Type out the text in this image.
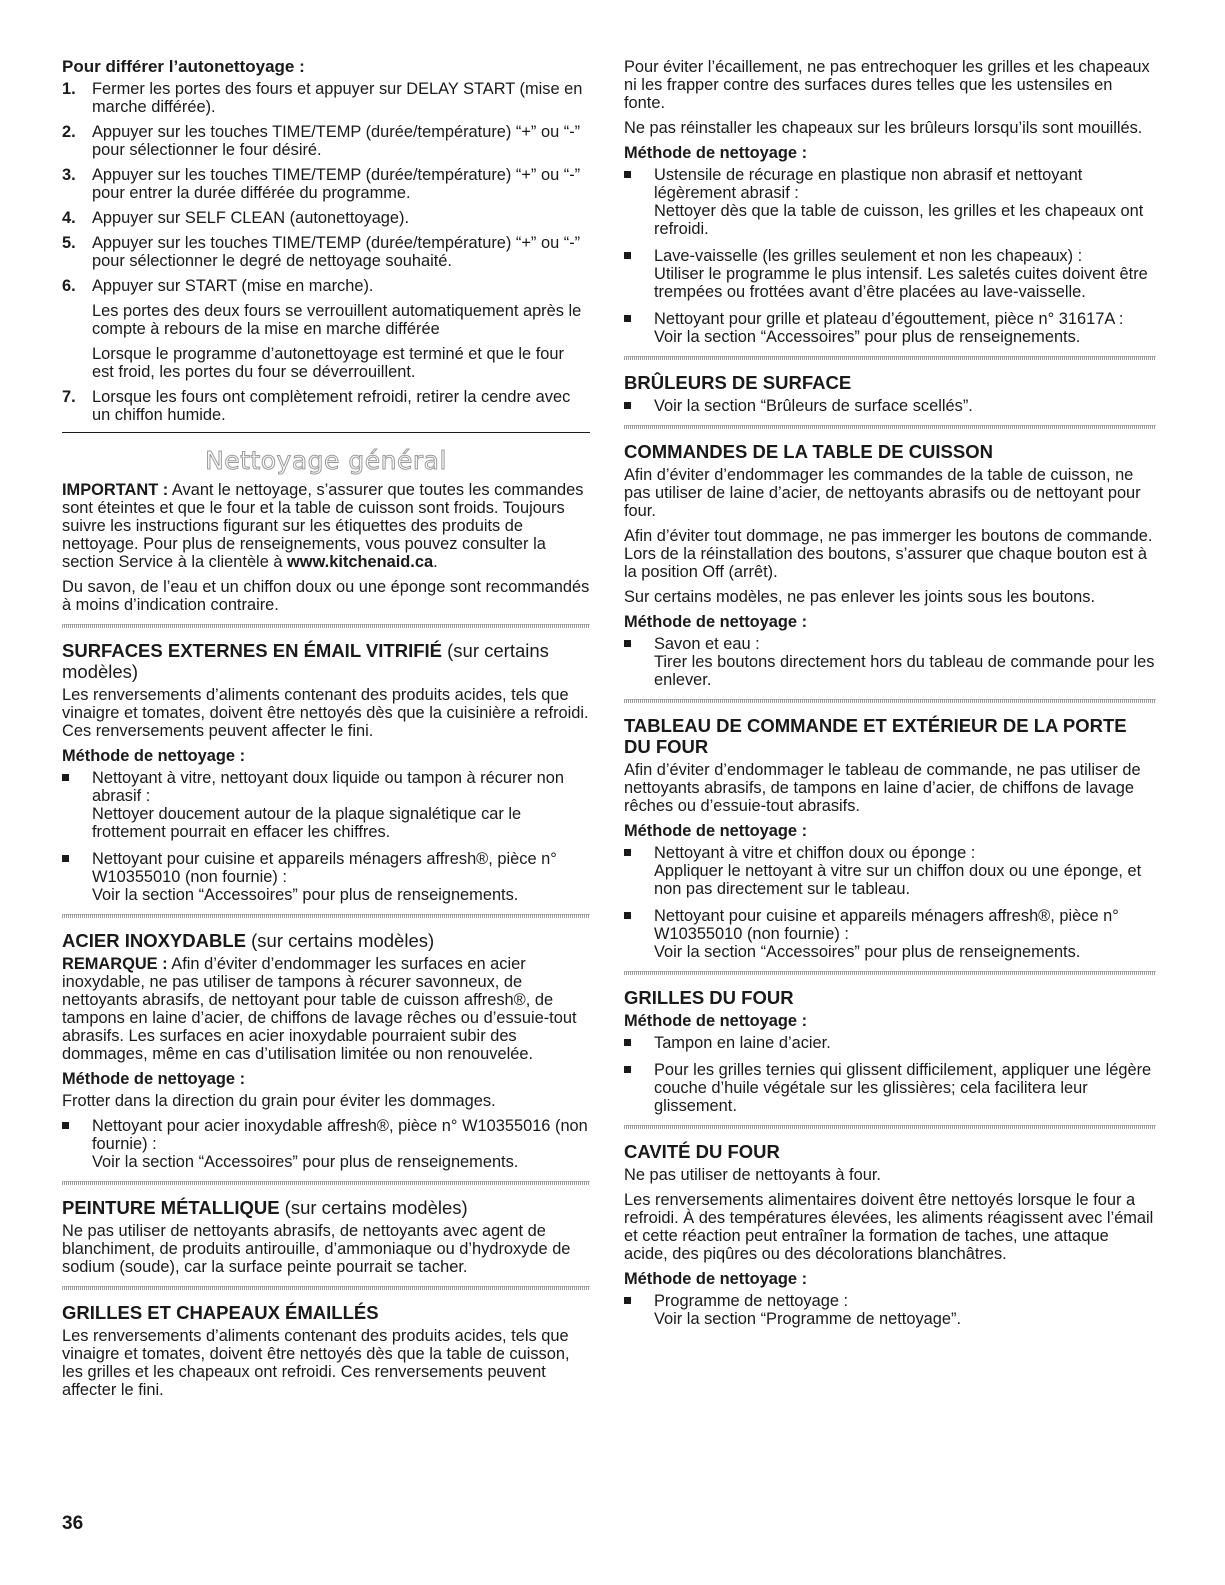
Pour différer l’autonettoyage :
1. Fermer les portes des fours et appuyer sur DELAY START (mise en marche différée).
2. Appuyer sur les touches TIME/TEMP (durée/température) “+” ou “-” pour sélectionner le four désiré.
3. Appuyer sur les touches TIME/TEMP (durée/température) “+” ou “-” pour entrer la durée différée du programme.
4. Appuyer sur SELF CLEAN (autonettoyage).
5. Appuyer sur les touches TIME/TEMP (durée/température) “+” ou “-” pour sélectionner le degré de nettoyage souhaité.
6. Appuyer sur START (mise en marche).
Les portes des deux fours se verrouillent automatiquement après le compte à rebours de la mise en marche différée
Lorsque le programme d’autonettoyage est terminé et que le four est froid, les portes du four se déverrouillent.
7. Lorsque les fours ont complètement refroidi, retirer la cendre avec un chiffon humide.
Nettoyage général

IMPORTANT : Avant le nettoyage, s’assurer que toutes les commandes sont éteintes et que le four et la table de cuisson sont froids. Toujours suivre les instructions figurant sur les étiquettes des produits de nettoyage. Pour plus de renseignements, vous pouvez consulter la section Service à la clientèle à www.kitchenaid.ca.

Du savon, de l’eau et un chiffon doux ou une éponge sont recommandés à moins d’indication contraire.

SURFACES EXTERNES EN ÉMAIL VITRIFIÉ (sur certains modèles)

Les renversements d’aliments contenant des produits acides, tels que vinaigre et tomates, doivent être nettoyés dès que la cuisinière a refroidi. Ces renversements peuvent affecter le fini.

Méthode de nettoyage :
Nettoyant à vitre, nettoyant doux liquide ou tampon à récurer non abrasif :
Nettoyer doucement autour de la plaque signalétique car le frottement pourrait en effacer les chiffres.
Nettoyant pour cuisine et appareils ménagers affresh®, pièce n° W10355010 (non fournie) :
Voir la section “Accessoires” pour plus de renseignements.
ACIER INOXYDABLE (sur certains modèles)

REMARQUE : Afin d’éviter d’endommager les surfaces en acier inoxydable, ne pas utiliser de tampons à récurer savonneux, de nettoyants abrasifs, de nettoyant pour table de cuisson affresh®, de tampons en laine d’acier, de chiffons de lavage rêches ou d’essuie-tout abrasifs. Les surfaces en acier inoxydable pourraient subir des dommages, même en cas d’utilisation limitée ou non renouvelée.

Méthode de nettoyage :

Frotter dans la direction du grain pour éviter les dommages.

Nettoyant pour acier inoxydable affresh®, pièce n° W10355016 (non fournie) :
Voir la section “Accessoires” pour plus de renseignements.
PEINTURE MÉTALLIQUE (sur certains modèles)

Ne pas utiliser de nettoyants abrasifs, de nettoyants avec agent de blanchiment, de produits antirouille, d’ammoniaque ou d’hydroxyde de sodium (soude), car la surface peinte pourrait se tacher.

GRILLES ET CHAPEAUX ÉMAILLÉS

Les renversements d’aliments contenant des produits acides, tels que vinaigre et tomates, doivent être nettoyés dès que la table de cuisson, les grilles et les chapeaux ont refroidi. Ces renversements peuvent affecter le fini.

Pour éviter l’écaillement, ne pas entrechoquer les grilles et les chapeaux ni les frapper contre des surfaces dures telles que les ustensiles en fonte.

Ne pas réinstaller les chapeaux sur les brûleurs lorsqu’ils sont mouillés.

Méthode de nettoyage :
Ustensile de récurage en plastique non abrasif et nettoyant légèrement abrasif :
Nettoyer dès que la table de cuisson, les grilles et les chapeaux ont refroidi.
Lave-vaisselle (les grilles seulement et non les chapeaux) :
Utiliser le programme le plus intensif. Les saletés cuites doivent être trempées ou frottées avant d’être placées au lave-vaisselle.
Nettoyant pour grille et plateau d’égouttement, pièce n° 31617A :
Voir la section “Accessoires” pour plus de renseignements.
BRÛLEURS DE SURFACE
Voir la section “Brûleurs de surface scellés”.
COMMANDES DE LA TABLE DE CUISSON

Afin d’éviter d’endommager les commandes de la table de cuisson, ne pas utiliser de laine d’acier, de nettoyants abrasifs ou de nettoyant pour four.

Afin d’éviter tout dommage, ne pas immerger les boutons de commande. Lors de la réinstallation des boutons, s’assurer que chaque bouton est à la position Off (arrêt).

Sur certains modèles, ne pas enlever les joints sous les boutons.

Méthode de nettoyage :
Savon et eau :
Tirer les boutons directement hors du tableau de commande pour les enlever.
TABLEAU DE COMMANDE ET EXTÉRIEUR DE LA PORTE DU FOUR

Afin d’éviter d’endommager le tableau de commande, ne pas utiliser de nettoyants abrasifs, de tampons en laine d’acier, de chiffons de lavage rêches ou d’essuie-tout abrasifs.

Méthode de nettoyage :
Nettoyant à vitre et chiffon doux ou éponge :
Appliquer le nettoyant à vitre sur un chiffon doux ou une éponge, et non pas directement sur le tableau.
Nettoyant pour cuisine et appareils ménagers affresh®, pièce n° W10355010 (non fournie) :
Voir la section “Accessoires” pour plus de renseignements.
GRILLES DU FOUR
Méthode de nettoyage :
Tampon en laine d’acier.
Pour les grilles ternies qui glissent difficilement, appliquer une légère couche d’huile végétale sur les glissières; cela facilitera leur glissement.
CAVITÉ DU FOUR

Ne pas utiliser de nettoyants à four.

Les renversements alimentaires doivent être nettoyés lorsque le four a refroidi. À des températures élevées, les aliments réagissent avec l’émail et cette réaction peut entraîner la formation de taches, une attaque acide, des piqûres ou des décolorations blanchâtres.

Méthode de nettoyage :
Programme de nettoyage :
Voir la section “Programme de nettoyage”.
36
